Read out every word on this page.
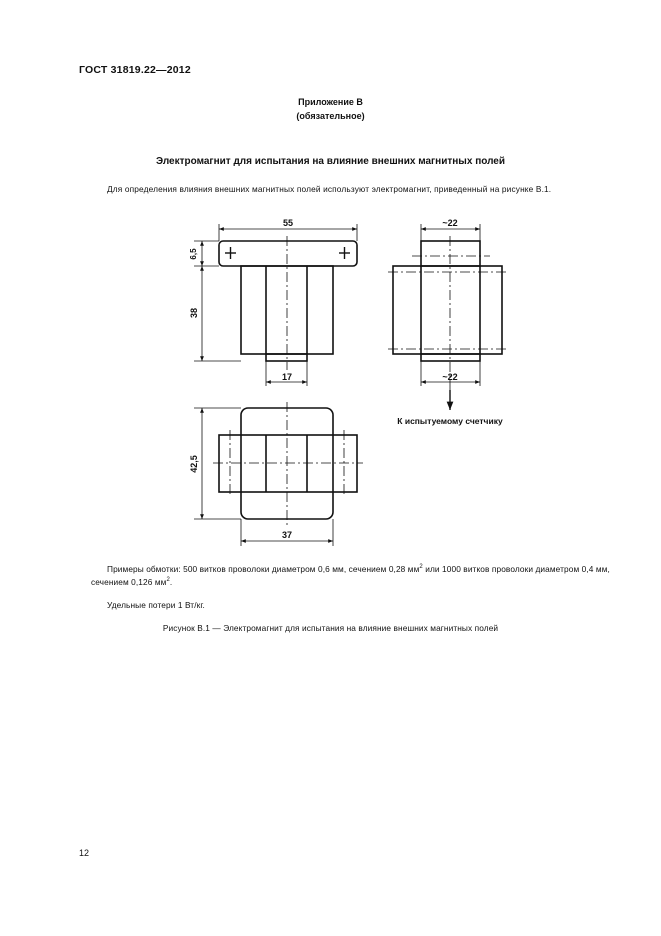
ГОСТ 31819.22—2012
Приложение В
(обязательное)
Электромагнит для испытания на влияние внешних магнитных полей
Для определения влияния внешних магнитных полей используют электромагнит, приведенный на рисунке В.1.
55
6,5
38
17
~22
~22
К испытуемому счетчику
42,5
37
Примеры обмотки: 500 витков проволоки диаметром 0,6 мм, сечением 0,28 $мм^2$ или 1000 витков проволоки диаметром 0,4 мм, сечением 0,126 $мм^2$.
Удельные потери 1 Вт/кг.
Рисунок В.1 — Электромагнит для испытания на влияние внешних магнитных полей
12
